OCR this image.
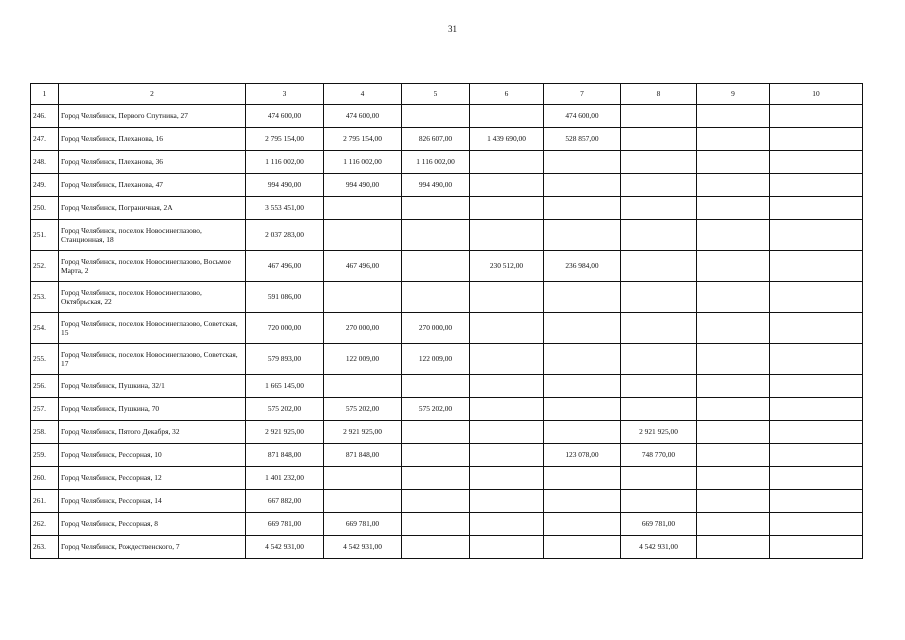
31
1	2	3	4	5	6	7	8	9	10
246.	Город Челябинск, Первого Спутника, 27	474 600,00	474 600,00			474 600,00			
247.	Город Челябинск, Плеханова, 16	2 795 154,00	2 795 154,00	826 607,00	1 439 690,00	528 857,00			
248.	Город Челябинск, Плеханова, 36	1 116 002,00	1 116 002,00	1 116 002,00					
249.	Город Челябинск, Плеханова, 47	994 490,00	994 490,00	994 490,00					
250.	Город Челябинск, Пограничная, 2А	3 553 451,00							
251.	Город Челябинск, поселок Новосинеглазово, Станционная, 18	2 037 283,00							
252.	Город Челябинск, поселок Новосинеглазово, Восьмое Марта, 2	467 496,00	467 496,00		230 512,00	236 984,00			
253.	Город Челябинск, поселок Новосинеглазово, Октябрьская, 22	591 086,00							
254.	Город Челябинск, поселок Новосинеглазово, Советская, 15	720 000,00	270 000,00	270 000,00					
255.	Город Челябинск, поселок Новосинеглазово, Советская, 17	579 893,00	122 009,00	122 009,00					
256.	Город Челябинск, Пушкина, 32/1	1 665 145,00							
257.	Город Челябинск, Пушкина, 70	575 202,00	575 202,00	575 202,00					
258.	Город Челябинск, Пятого Декабря, 32	2 921 925,00	2 921 925,00				2 921 925,00		
259.	Город Челябинск, Рессорная, 10	871 848,00	871 848,00			123 078,00	748 770,00		
260.	Город Челябинск, Рессорная, 12	1 401 232,00							
261.	Город Челябинск, Рессорная, 14	667 882,00							
262.	Город Челябинск, Рессорная, 8	669 781,00	669 781,00				669 781,00		
263.	Город Челябинск, Рождественского, 7	4 542 931,00	4 542 931,00				4 542 931,00		
